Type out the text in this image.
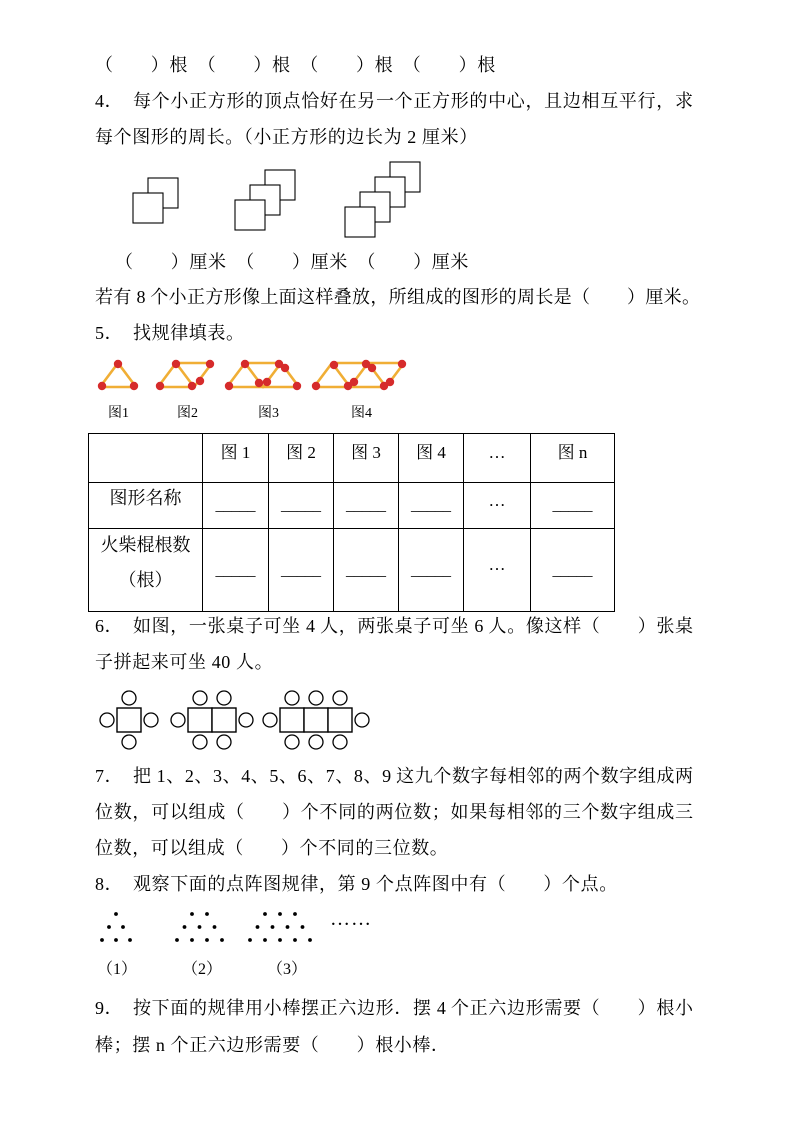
（　　）根　（　　）根　（　　）根　（　　）根
4． 每个小正方形的顶点恰好在另一个正方形的中心，且边相互平行，求
每个图形的周长。（小正方形的边长为 2 厘米）
（　　）厘米　（　　）厘米　（　　）厘米
若有 8 个小正方形像上面这样叠放，所组成的图形的周长是（　　）厘米。
5． 找规律填表。
图1	图2	图3	图4
	图 1	图 2	图 3	图 4	…	图 n
图形名称	_____	_____	_____	_____	…	_____

火柴棍根数
（根）	_____	_____	_____	_____	…	_____
6． 如图，一张桌子可坐 4 人，两张桌子可坐 6 人。像这样（　　）张桌
子拼起来可坐 40 人。
7． 把 1、2、3、4、5、6、7、8、9 这九个数字每相邻的两个数字组成两
位数，可以组成（　　）个不同的两位数；如果每相邻的三个数字组成三
位数，可以组成（　　）个不同的三位数。
8． 观察下面的点阵图规律，第 9 个点阵图中有（　　）个点。
……
（1）	（2）	（3）
9． 按下面的规律用小棒摆正六边形．摆 4 个正六边形需要（　　）根小
棒；摆 n 个正六边形需要（　　）根小棒．
